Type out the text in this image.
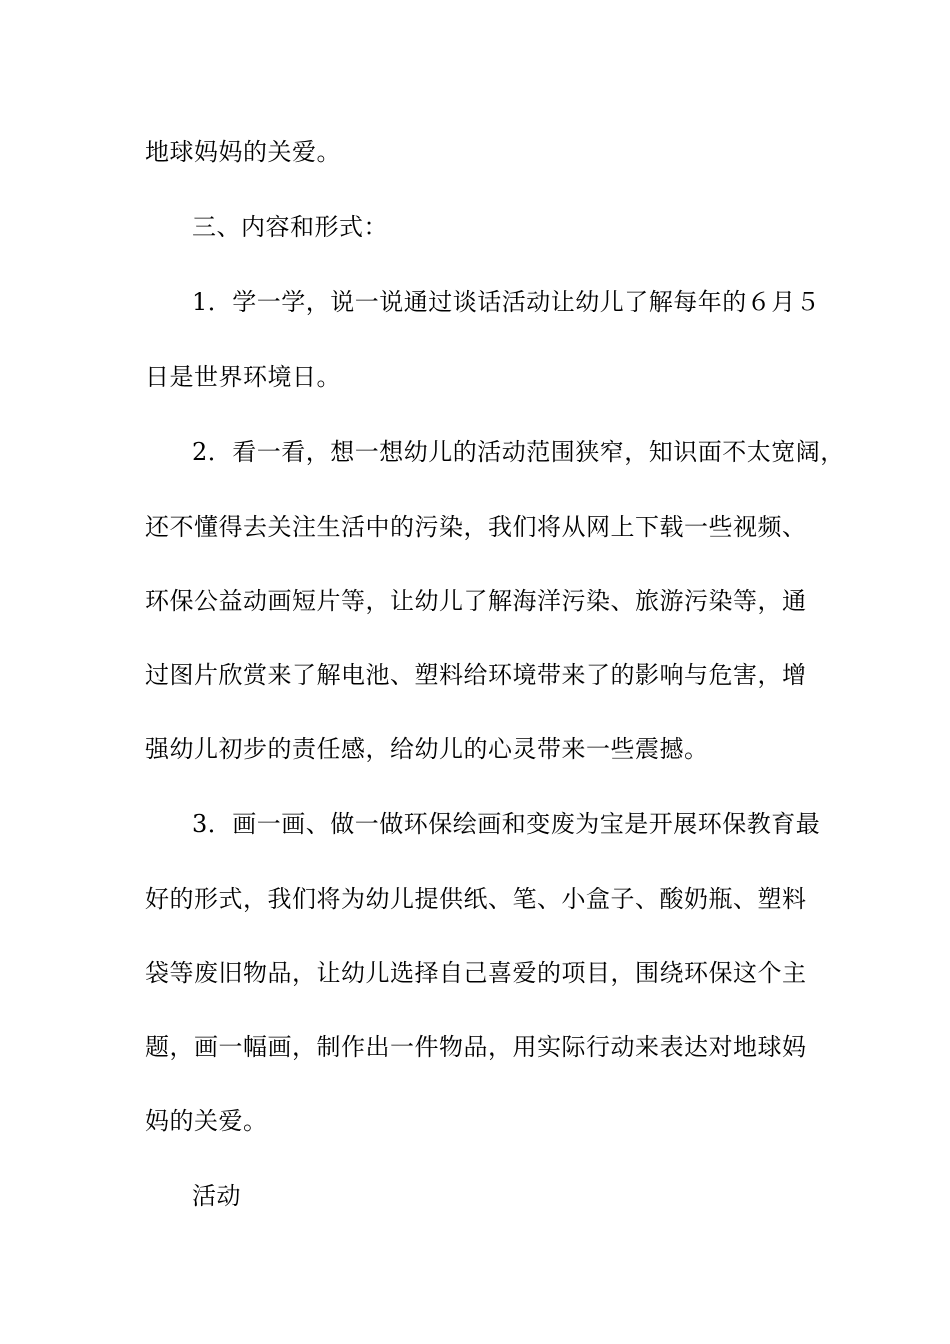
地球妈妈的关爱。
三、内容和形式：
1．学一学，说一说通过谈话活动让幼儿了解每年的６月５
日是世界环境日。
2．看一看，想一想幼儿的活动范围狭窄，知识面不太宽阔，
还不懂得去关注生活中的污染，我们将从网上下载一些视频、
环保公益动画短片等，让幼儿了解海洋污染、旅游污染等，通
过图片欣赏来了解电池、塑料给环境带来了的影响与危害，增
强幼儿初步的责任感，给幼儿的心灵带来一些震撼。
3．画一画、做一做环保绘画和变废为宝是开展环保教育最
好的形式，我们将为幼儿提供纸、笔、小盒子、酸奶瓶、塑料
袋等废旧物品，让幼儿选择自己喜爱的项目，围绕环保这个主
题，画一幅画，制作出一件物品，用实际行动来表达对地球妈
妈的关爱。
活动
